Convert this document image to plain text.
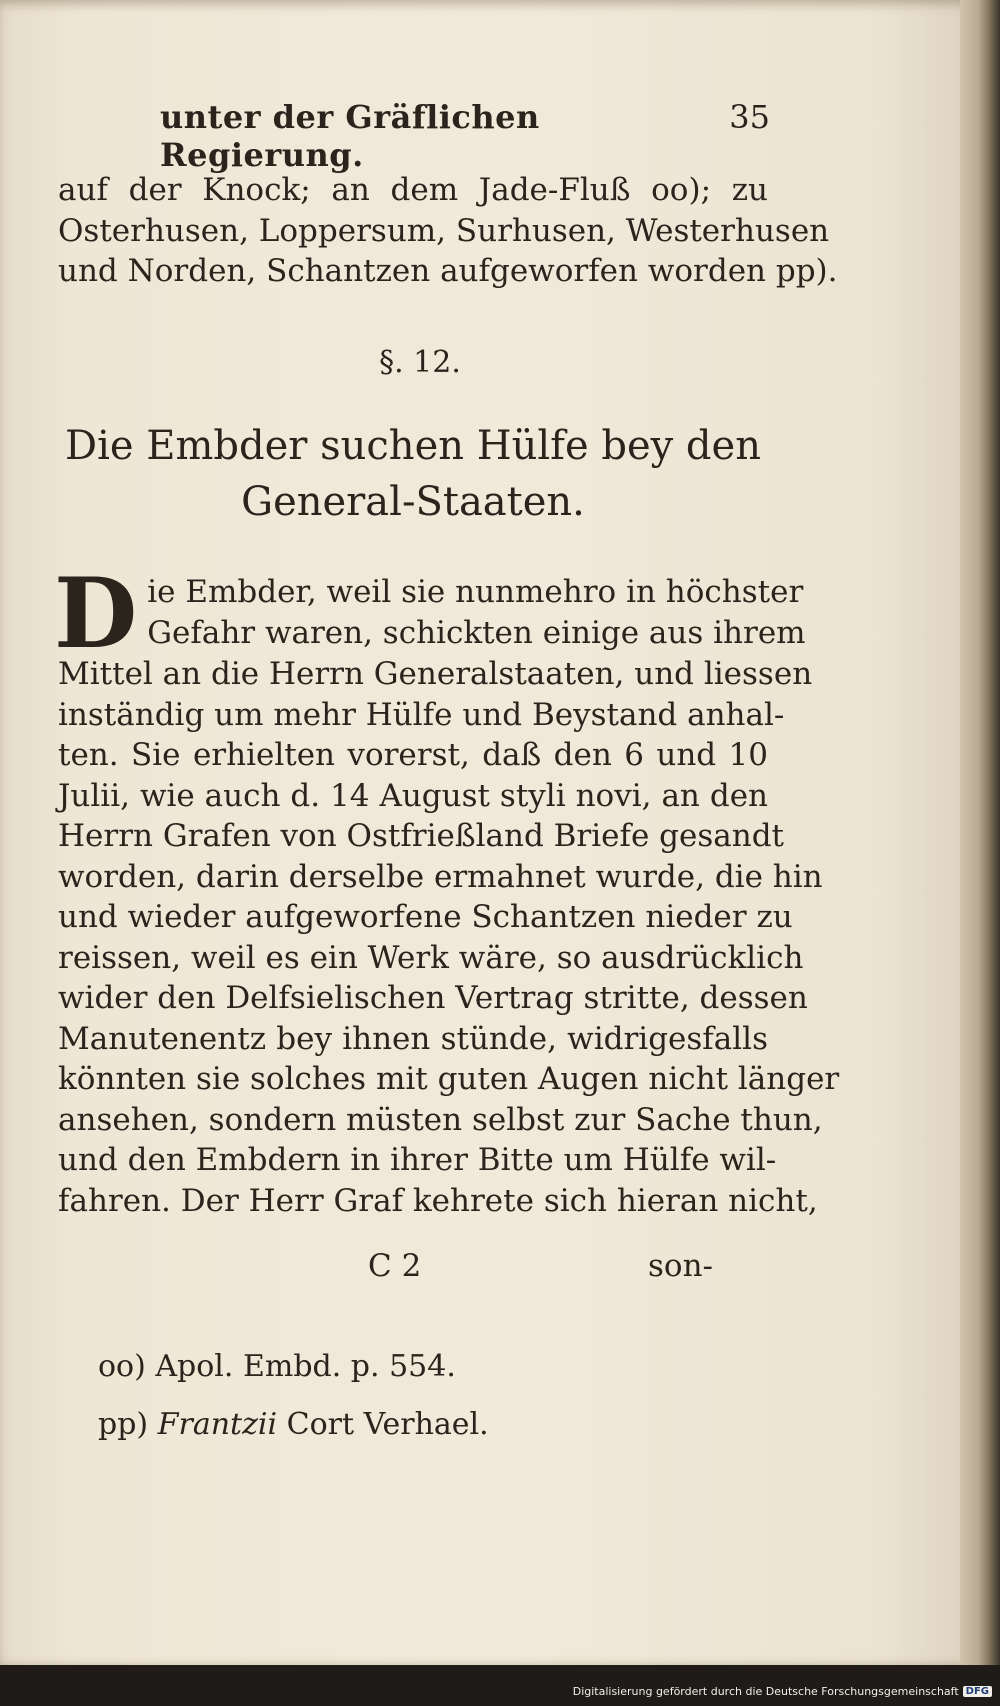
unter der Gräflichen Regierung.
35
auf der Knock; an dem Jade-Fluß oo); zu
Osterhusen, Loppersum, Surhusen, Westerhusen
und Norden, Schantzen aufgeworfen worden pp).
§. 12.
Die Embder suchen Hülfe bey den
General-Staaten.
D ie Embder, weil sie nunmehro in höchster
Gefahr waren, schickten einige aus ihrem
Mittel an die Herrn Generalstaaten, und liessen
inständig um mehr Hülfe und Beystand anhal-
ten. Sie erhielten vorerst, daß den 6 und 10
Julii, wie auch d. 14 August styli novi, an den
Herrn Grafen von Ostfrießland Briefe gesandt
worden, darin derselbe ermahnet wurde, die hin
und wieder aufgeworfene Schantzen nieder zu
reissen, weil es ein Werk wäre, so ausdrücklich
wider den Delfsielischen Vertrag stritte, dessen
Manutenentz bey ihnen stünde, widrigesfalls
könnten sie solches mit guten Augen nicht länger
ansehen, sondern müsten selbst zur Sache thun,
und den Embdern in ihrer Bitte um Hülfe wil-
fahren. Der Herr Graf kehrete sich hieran nicht,
C 2	son-
oo) Apol. Embd. p. 554.
pp) Frantzii Cort Verhael.
Digitalisierung gefördert durch die Deutsche Forschungsgemeinschaft DFG
